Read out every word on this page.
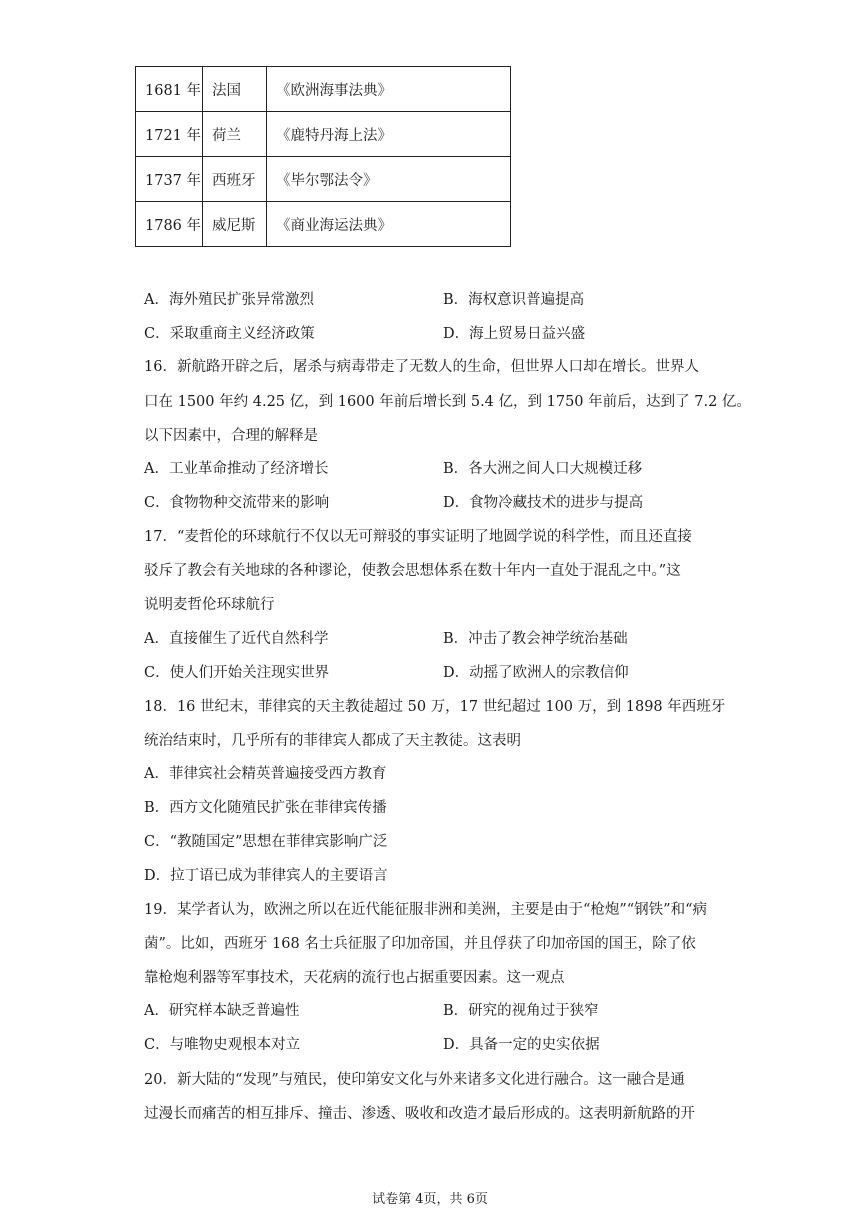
1681 年	法国	《欧洲海事法典》
1721 年	荷兰	《鹿特丹海上法》
1737 年	西班牙	《毕尔鄂法令》
1786 年	威尼斯	《商业海运法典》
A．海外殖民扩张异常激烈	B．海权意识普遍提高
C．采取重商主义经济政策	D．海上贸易日益兴盛
16．新航路开辟之后，屠杀与病毒带走了无数人的生命，但世界人口却在增长。世界人
口在 1500 年约 4.25 亿，到 1600 年前后增长到 5.4 亿，到 1750 年前后，达到了 7.2 亿。
以下因素中，合理的解释是
A．工业革命推动了经济增长	B．各大洲之间人口大规模迁移
C．食物物种交流带来的影响	D．食物冷藏技术的进步与提高
17．“麦哲伦的环球航行不仅以无可辩驳的事实证明了地圆学说的科学性，而且还直接
驳斥了教会有关地球的各种谬论，使教会思想体系在数十年内一直处于混乱之中。”这
说明麦哲伦环球航行
A．直接催生了近代自然科学	B．冲击了教会神学统治基础
C．使人们开始关注现实世界	D．动摇了欧洲人的宗教信仰
18．16 世纪末，菲律宾的天主教徒超过 50 万，17 世纪超过 100 万，到 1898 年西班牙
统治结束时，几乎所有的菲律宾人都成了天主教徒。这表明
A．菲律宾社会精英普遍接受西方教育
B．西方文化随殖民扩张在菲律宾传播
C．“教随国定”思想在菲律宾影响广泛
D．拉丁语已成为菲律宾人的主要语言
19．某学者认为，欧洲之所以在近代能征服非洲和美洲，主要是由于“枪炮”“钢铁”和“病
菌”。比如，西班牙 168 名士兵征服了印加帝国，并且俘获了印加帝国的国王，除了依
靠枪炮利器等军事技术，天花病的流行也占据重要因素。这一观点
A．研究样本缺乏普遍性	B．研究的视角过于狭窄
C．与唯物史观根本对立	D．具备一定的史实依据
20．新大陆的“发现”与殖民，使印第安文化与外来诸多文化进行融合。这一融合是通
过漫长而痛苦的相互排斥、撞击、渗透、吸收和改造才最后形成的。这表明新航路的开
试卷第 4页，共 6页
